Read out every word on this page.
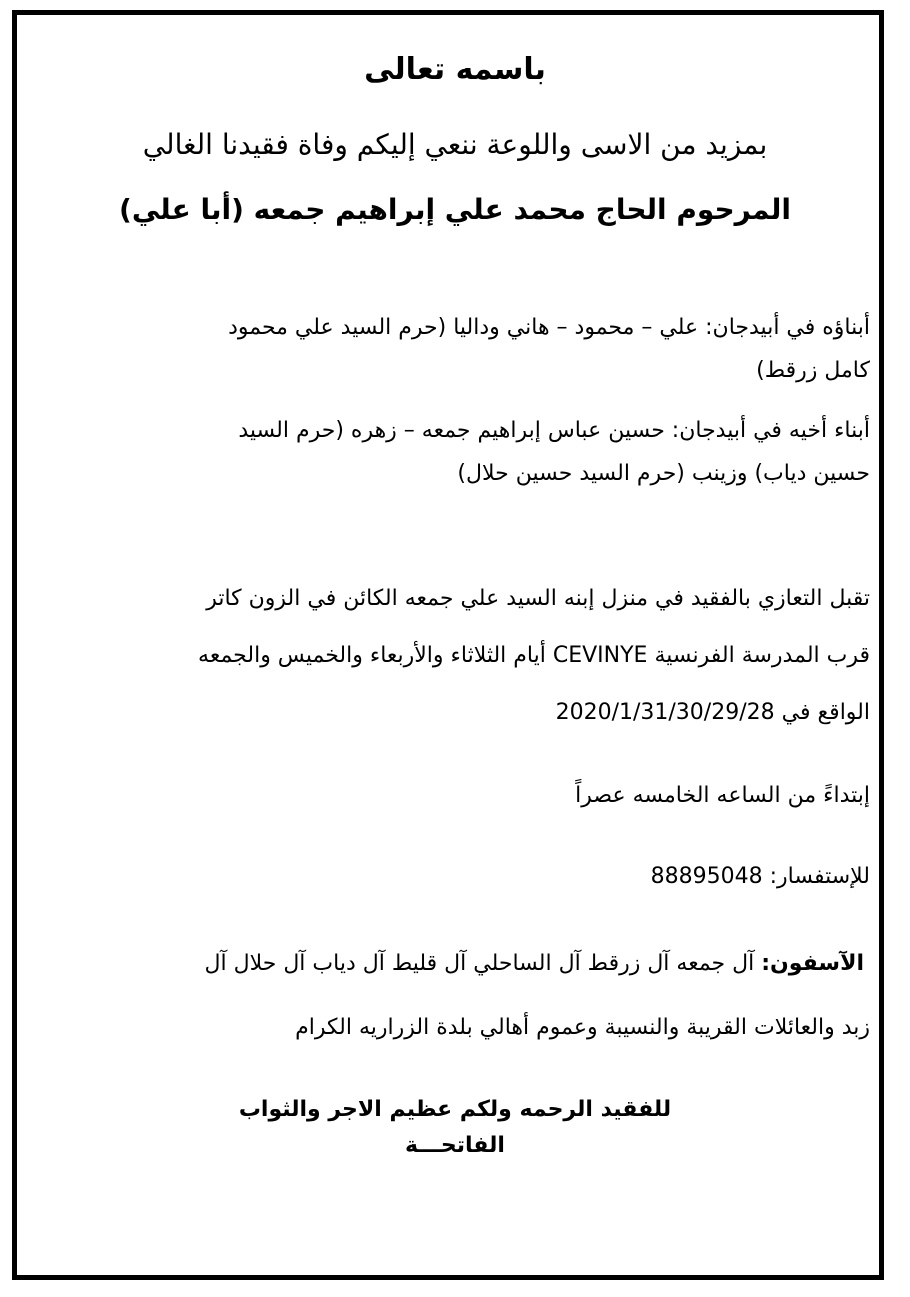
باسمه تعالى

بمزيد من الاسى واللوعة ننعي إليكم وفاة فقيدنا الغالي

المرحوم الحاج محمد علي إبراهيم جمعه (أبا علي)

أبناؤه في أبيدجان: علي – محمود – هاني وداليا (حرم السيد علي محمود

كامل زرقط)

أبناء أخيه في أبيدجان: حسين عباس إبراهيم جمعه – زهره (حرم السيد

حسين دياب) وزينب (حرم السيد حسين حلال)

تقبل التعازي بالفقيد في منزل إبنه السيد علي جمعه الكائن في الزون كاتر

قرب المدرسة الفرنسية CEVINYE أيام الثلاثاء والأربعاء والخميس والجمعه

الواقع في 2020/1/31/30/29/28

إبتداءً من الساعه الخامسه عصراً

للإستفسار: 88895048

الآسفون: آل جمعه آل زرقط آل الساحلي آل قليط آل دياب آل حلال آل

زبد والعائلات القريبة والنسيبة وعموم أهالي بلدة الزراريه الكرام

للفقيد الرحمه ولكم عظيم الاجر والثواب

الفاتحـــة
